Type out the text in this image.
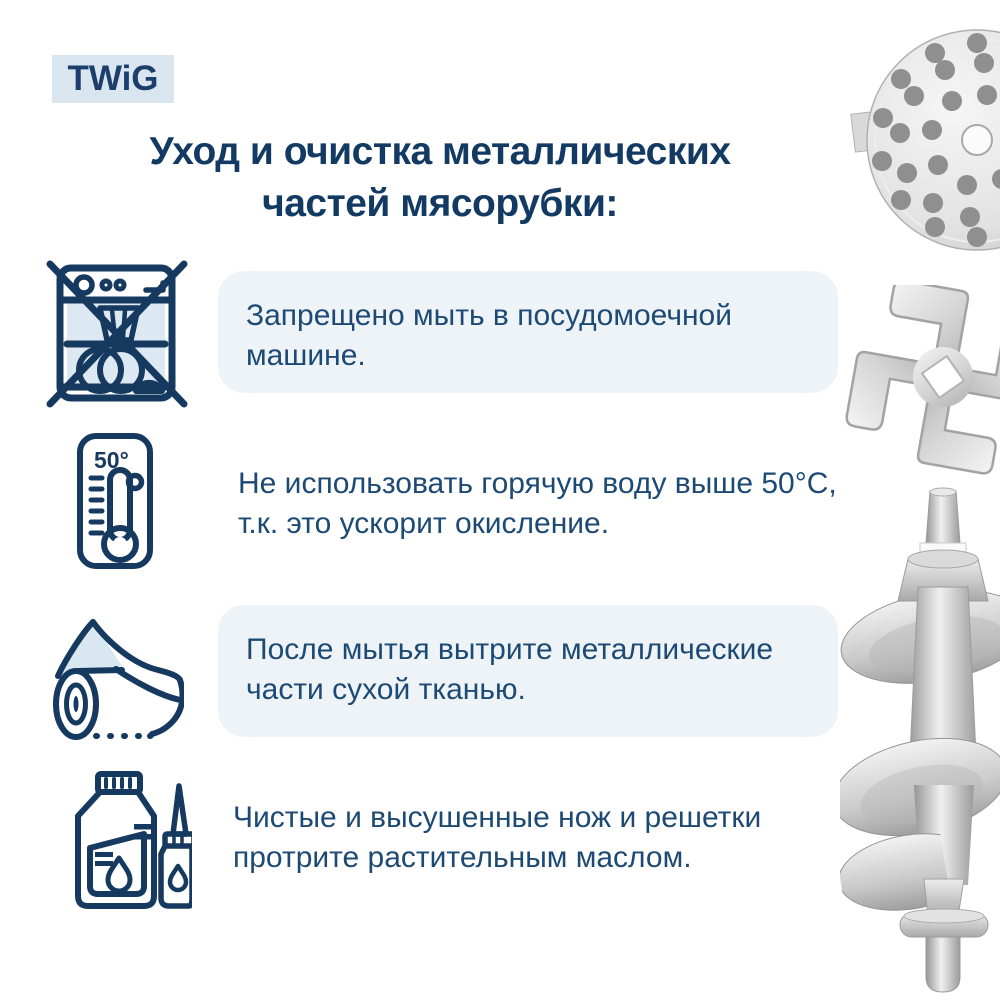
TWiG
Уход и очистка металлических
частей мясорубки:

Запрещено мыть в посудомоечной машине.

50°

Не использовать горячую воду выше 50°C, т.к. это ускорит окисление.

После мытья вытрите металлические части сухой тканью.

Чистые и высушенные нож и решетки протрите растительным маслом.
